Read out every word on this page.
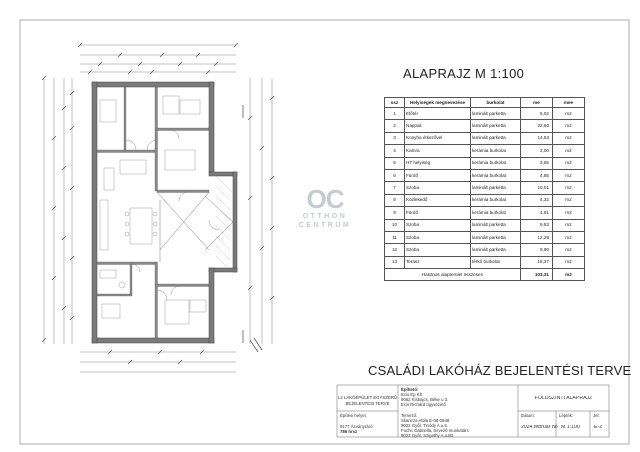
OC
OTTHON
CENTRUM
ALAPRAJZ M 1:100
ssz	Helyiségek megnevezése	burkolat	me	mee
1	Előtér	laminált parketta	5,02	m2
2	Nappali	laminált parketta	22,60	m2
3	Konyha étkezővel	laminált parketta	14,53	m2
4	Kamra	kerámia burkolat	2,00	m2
5	HT helyiség	kerámia burkolat	3,65	m2
6	Fürdő	kerámia burkolat	4,85	m2
7	Szoba	laminált parketta	10,01	m2
8	Közlekedő	kerámia burkolat	4,32	m2
9	Fürdő	kerámia burkolat	4,61	m2
10	Szoba	laminált parketta	9,53	m2
11	Szoba	laminált parketta	12,29	m2
12	Szoba	laminált parketta	9,90	m2
13	Terasz	térkő burkolat	18,37	m2
Hasznos alapterület összesen			103,31	m2
CSALÁDI LAKÓHÁZ BEJELENTÉSI TERVE
L2 LAKÓÉPÜLET EGYSZERŰ
BEJELENTÉSI TERVE
Építési helyei:
9177 Ásványráró
786 hrsz
Építtető:
Ecis Ép Kft
9062 Kisbajcs, Béke u 3.
Ecis Richárd ügyvezető
Tervező:
Skaricza Attila É-08-0548
9022 Győr, Tinódy A.u.6.
Fuchs Gabriella, tervező munkatárs
9023 Győr, Szigethy A.u.80.
FÖLDSZINTI ALAPRAJZ
Dátum:
2024.február hó
Lépték:
M 1:100
Jel:
É-2
